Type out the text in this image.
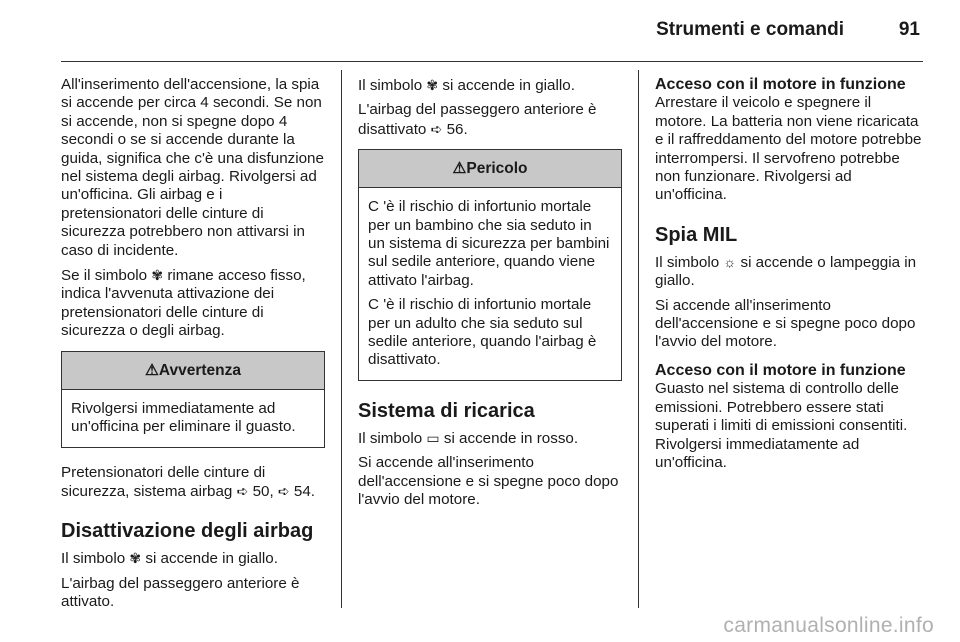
Strumenti e comandi	91

All'inserimento dell'accensione, la spia si accende per circa 4 secondi. Se non si accende, non si spegne dopo 4 secondi o se si accende durante la guida, significa che c'è una disfunzione nel sistema degli airbag. Rivolgersi ad un'officina. Gli airbag e i pretensionatori delle cinture di sicurezza potrebbero non attivarsi in caso di incidente.

Se il simbolo ✾ rimane acceso fisso, indica l'avvenuta attivazione dei pretensionatori delle cinture di sicurezza o degli airbag.

⚠Avvertenza

Rivolgersi immediatamente ad un'officina per eliminare il guasto.

Pretensionatori delle cinture di sicurezza, sistema airbag ➪ 50, ➪ 54.

Disattivazione degli airbag

Il simbolo ✾ si accende in giallo.

L'airbag del passeggero anteriore è attivato.

Il simbolo ✾ si accende in giallo.

L'airbag del passeggero anteriore è disattivato ➪ 56.

⚠Pericolo

C 'è il rischio di infortunio mortale per un bambino che sia seduto in un sistema di sicurezza per bambini sul sedile anteriore, quando viene attivato l'airbag.

C 'è il rischio di infortunio mortale per un adulto che sia seduto sul sedile anteriore, quando l'airbag è disattivato.

Sistema di ricarica

Il simbolo ▭ si accende in rosso.

Si accende all'inserimento dell'accensione e si spegne poco dopo l'avvio del motore.

Acceso con il motore in funzione

Arrestare il veicolo e spegnere il motore. La batteria non viene ricaricata e il raffreddamento del motore potrebbe interrompersi. Il servofreno potrebbe non funzionare. Rivolgersi ad un'officina.

Spia MIL

Il simbolo ☼ si accende o lampeggia in giallo.

Si accende all'inserimento dell'accensione e si spegne poco dopo l'avvio del motore.

Acceso con il motore in funzione

Guasto nel sistema di controllo delle emissioni. Potrebbero essere stati superati i limiti di emissioni consentiti. Rivolgersi immediatamente ad un'officina.

carmanualsonline.info
